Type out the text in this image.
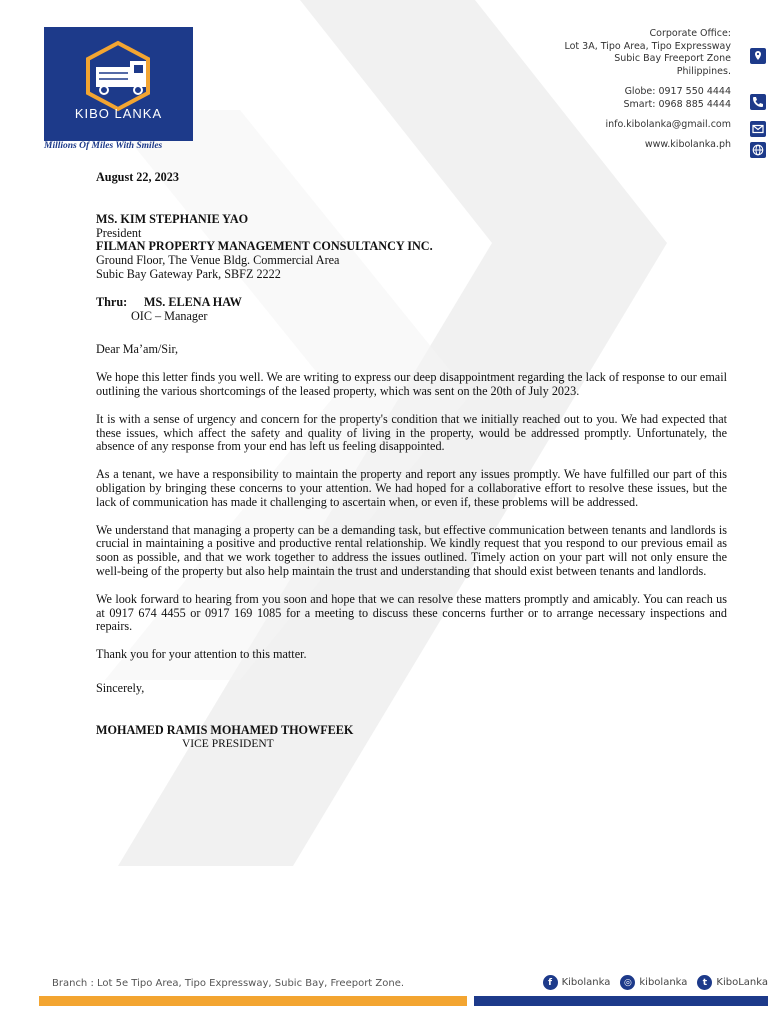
KIBO LANKA
Millions Of Miles With Smiles
Corporate Office:
Lot 3A, Tipo Area, Tipo Expressway
Subic Bay Freeport Zone
Philippines.
Globe: 0917 550 4444
Smart: 0968 885 4444
info.kibolanka@gmail.com
www.kibolanka.ph

August 22, 2023

MS. KIM STEPHANIE YAO

President

FILMAN PROPERTY MANAGEMENT CONSULTANCY INC.

Ground Floor, The Venue Bldg. Commercial Area

Subic Bay Gateway Park, SBFZ 2222

Thru:	MS. ELENA HAW

OIC – Manager

Dear Ma’am/Sir,

We hope this letter finds you well. We are writing to express our deep disappointment regarding the lack of response to our email outlining the various shortcomings of the leased property, which was sent on the 20th of July 2023.

It is with a sense of urgency and concern for the property's condition that we initially reached out to you. We had expected that these issues, which affect the safety and quality of living in the property, would be addressed promptly. Unfortunately, the absence of any response from your end has left us feeling disappointed.

As a tenant, we have a responsibility to maintain the property and report any issues promptly. We have fulfilled our part of this obligation by bringing these concerns to your attention. We had hoped for a collaborative effort to resolve these issues, but the lack of communication has made it challenging to ascertain when, or even if, these problems will be addressed.

We understand that managing a property can be a demanding task, but effective communication between tenants and landlords is crucial in maintaining a positive and productive rental relationship. We kindly request that you respond to our previous email as soon as possible, and that we work together to address the issues outlined. Timely action on your part will not only ensure the well-being of the property but also help maintain the trust and understanding that should exist between tenants and landlords.

We look forward to hearing from you soon and hope that we can resolve these matters promptly and amicably. You can reach us at 0917 674 4455 or 0917 169 1085 for a meeting to discuss these concerns further or to arrange necessary inspections and repairs.

Thank you for your attention to this matter.

Sincerely,

MOHAMED RAMIS MOHAMED THOWFEEK

VICE PRESIDENT

Branch : Lot 5e Tipo Area, Tipo Expressway, Subic Bay, Freeport Zone.	f Kibolanka	◎ kibolanka	t KiboLanka
